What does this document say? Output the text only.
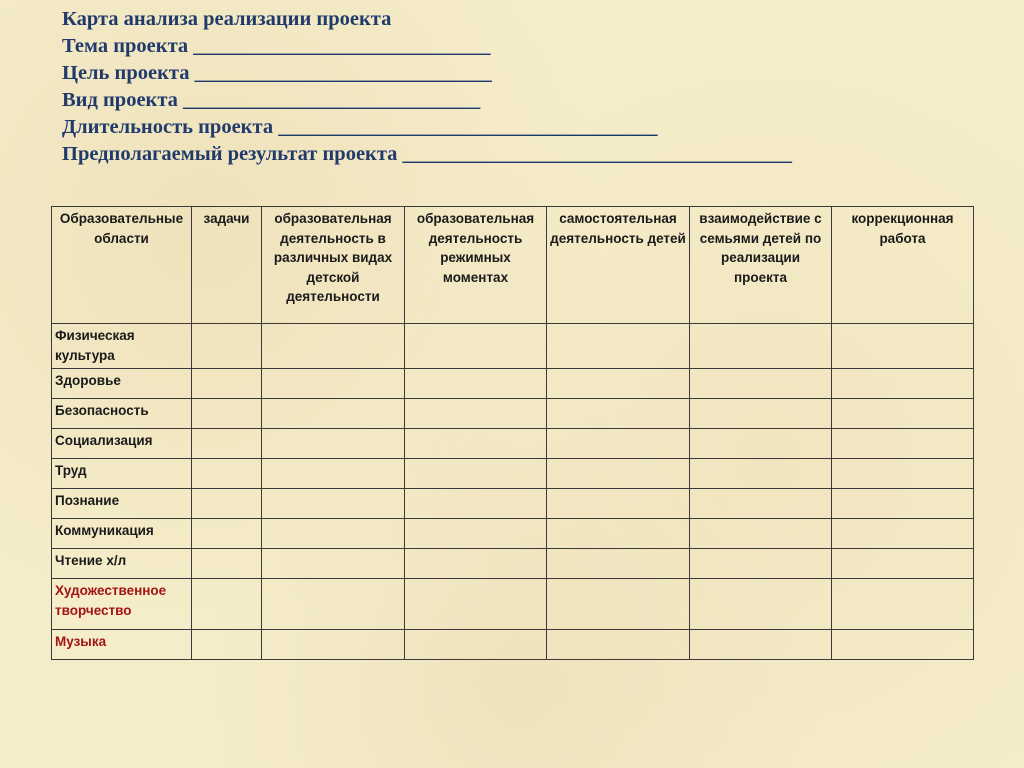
Карта анализа реализации проекта
Тема проекта _____________________________
Цель проекта _____________________________
Вид проекта _____________________________
Длительность проекта _____________________________________
Предполагаемый результат проекта ______________________________________
Образовательные области	задачи	образовательная деятельность в различных видах детской деятельности	образовательная деятельность режимных моментах	самостоятельная деятельность детей	взаимодействие с семьями детей по реализации проекта	коррекционная работа
Физическая культура						
Здоровье						
Безопасность						
Социализация						
Труд						
Познание						
Коммуникация						
Чтение х/л						
Художественное творчество						
Музыка						
